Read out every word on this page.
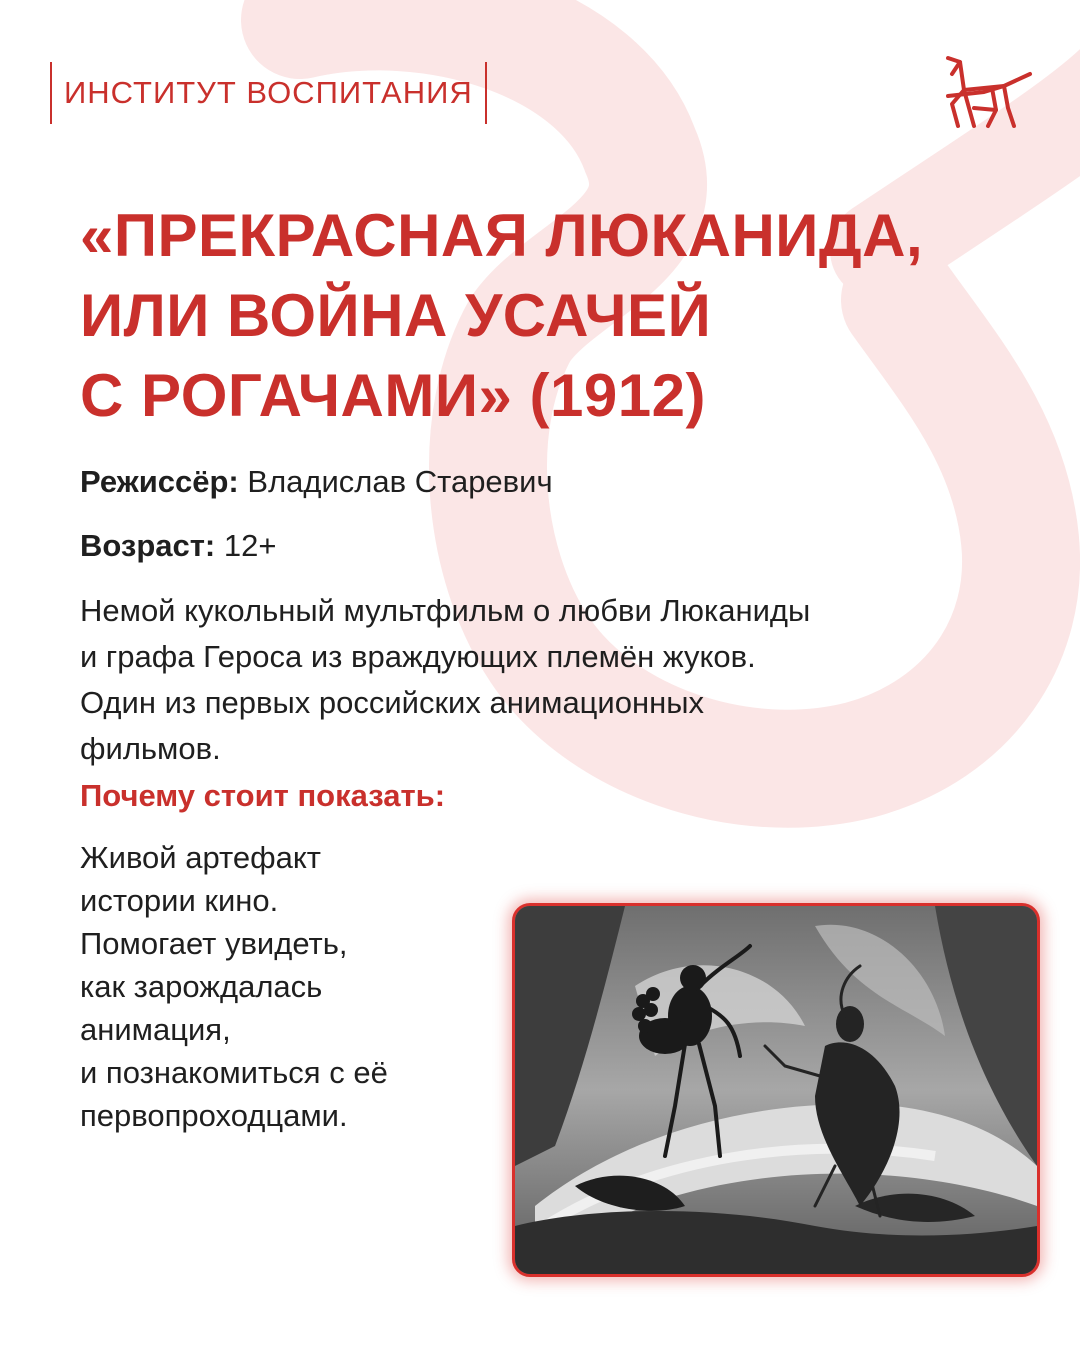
ИНСТИТУТ ВОСПИТАНИЯ
«ПРЕКРАСНАЯ ЛЮКАНИДА,
ИЛИ ВОЙНА УСАЧЕЙ
С РОГАЧАМИ» (1912)
Режиссёр: Владислав Старевич
Возраст: 12+

Немой кукольный мультфильм о любви Люканиды
и графа Героса из враждующих племён жуков.
Один из первых российских анимационных
фильмов.

Почему стоит показать:

Живой артефакт
истории кино.
Помогает увидеть,
как зарождалась
анимация,
и познакомиться с её
первопроходцами.
